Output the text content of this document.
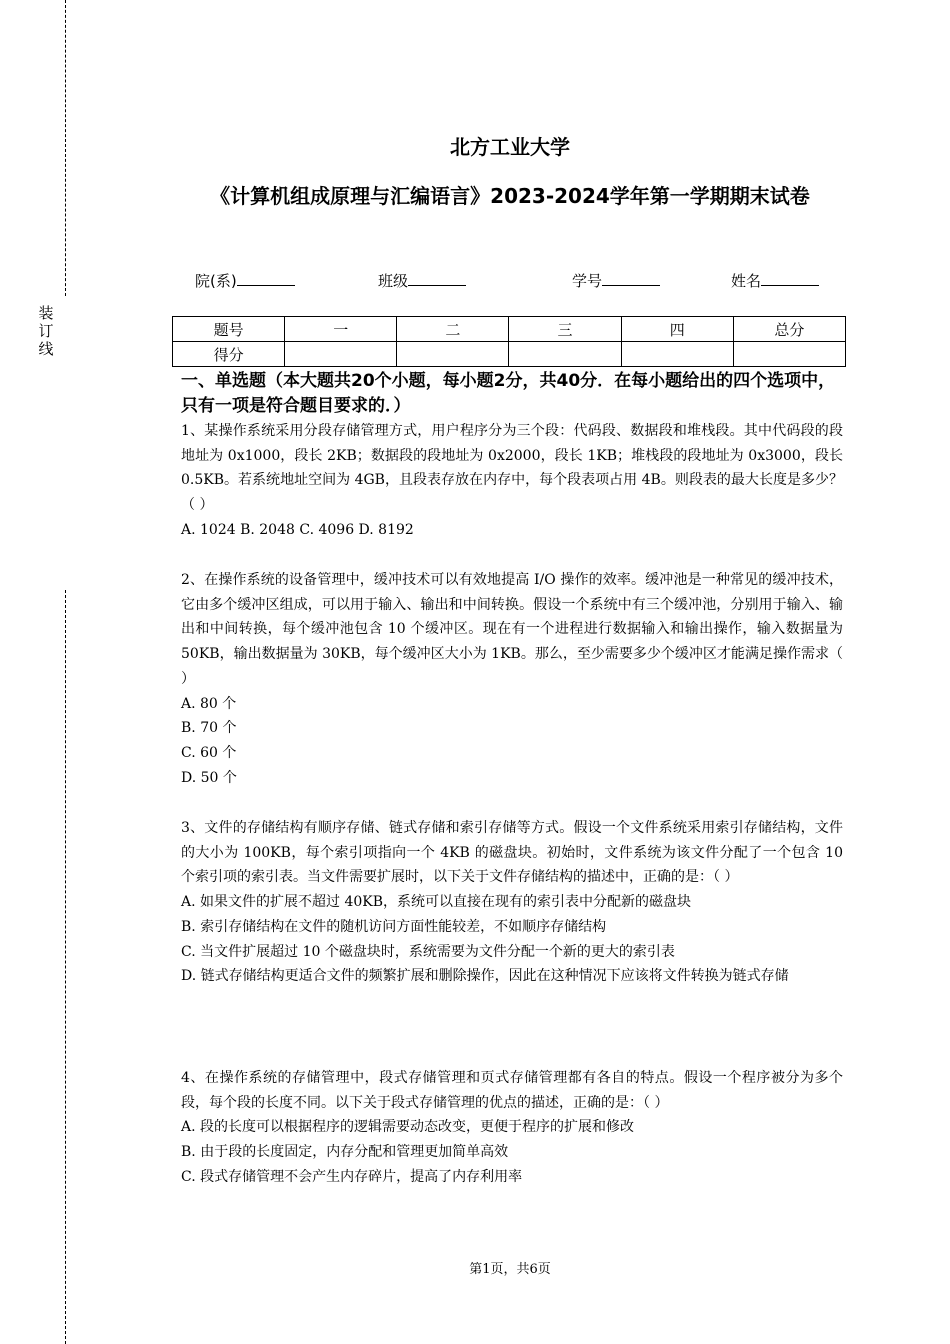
装
订
线
北方工业大学
《计算机组成原理与汇编语言》2023-2024学年第一学期期末试卷
院(系)	班级	学号	姓名
题号	一	二	三	四	总分
得分					
一、单选题（本大题共20个小题，每小题2分，共40分．在每小题给出的四个选项中，只有一项是符合题目要求的．）

1、某操作系统采用分段存储管理方式，用户程序分为三个段：代码段、数据段和堆栈段。其中代码段的段地址为 0x1000，段长 2KB；数据段的段地址为 0x2000，段长 1KB；堆栈段的段地址为 0x3000，段长 0.5KB。若系统地址空间为 4GB，且段表存放在内存中，每个段表项占用 4B。则段表的最大长度是多少？（ ）

A. 1024 B. 2048 C. 4096 D. 8192

2、在操作系统的设备管理中，缓冲技术可以有效地提高 I/O 操作的效率。缓冲池是一种常见的缓冲技术，它由多个缓冲区组成，可以用于输入、输出和中间转换。假设一个系统中有三个缓冲池，分别用于输入、输出和中间转换，每个缓冲池包含 10 个缓冲区。现在有一个进程进行数据输入和输出操作，输入数据量为 50KB，输出数据量为 30KB，每个缓冲区大小为 1KB。那么，至少需要多少个缓冲区才能满足操作需求（ ）

A. 80 个

B. 70 个

C. 60 个

D. 50 个

3、文件的存储结构有顺序存储、链式存储和索引存储等方式。假设一个文件系统采用索引存储结构，文件的大小为 100KB，每个索引项指向一个 4KB 的磁盘块。初始时，文件系统为该文件分配了一个包含 10 个索引项的索引表。当文件需要扩展时，以下关于文件存储结构的描述中，正确的是：（ ）

A. 如果文件的扩展不超过 40KB，系统可以直接在现有的索引表中分配新的磁盘块

B. 索引存储结构在文件的随机访问方面性能较差，不如顺序存储结构

C. 当文件扩展超过 10 个磁盘块时，系统需要为文件分配一个新的更大的索引表

D. 链式存储结构更适合文件的频繁扩展和删除操作，因此在这种情况下应该将文件转换为链式存储

4、在操作系统的存储管理中，段式存储管理和页式存储管理都有各自的特点。假设一个程序被分为多个段，每个段的长度不同。以下关于段式存储管理的优点的描述，正确的是：（ ）

A. 段的长度可以根据程序的逻辑需要动态改变，更便于程序的扩展和修改

B. 由于段的长度固定，内存分配和管理更加简单高效

C. 段式存储管理不会产生内存碎片，提高了内存利用率

第1页，共6页
